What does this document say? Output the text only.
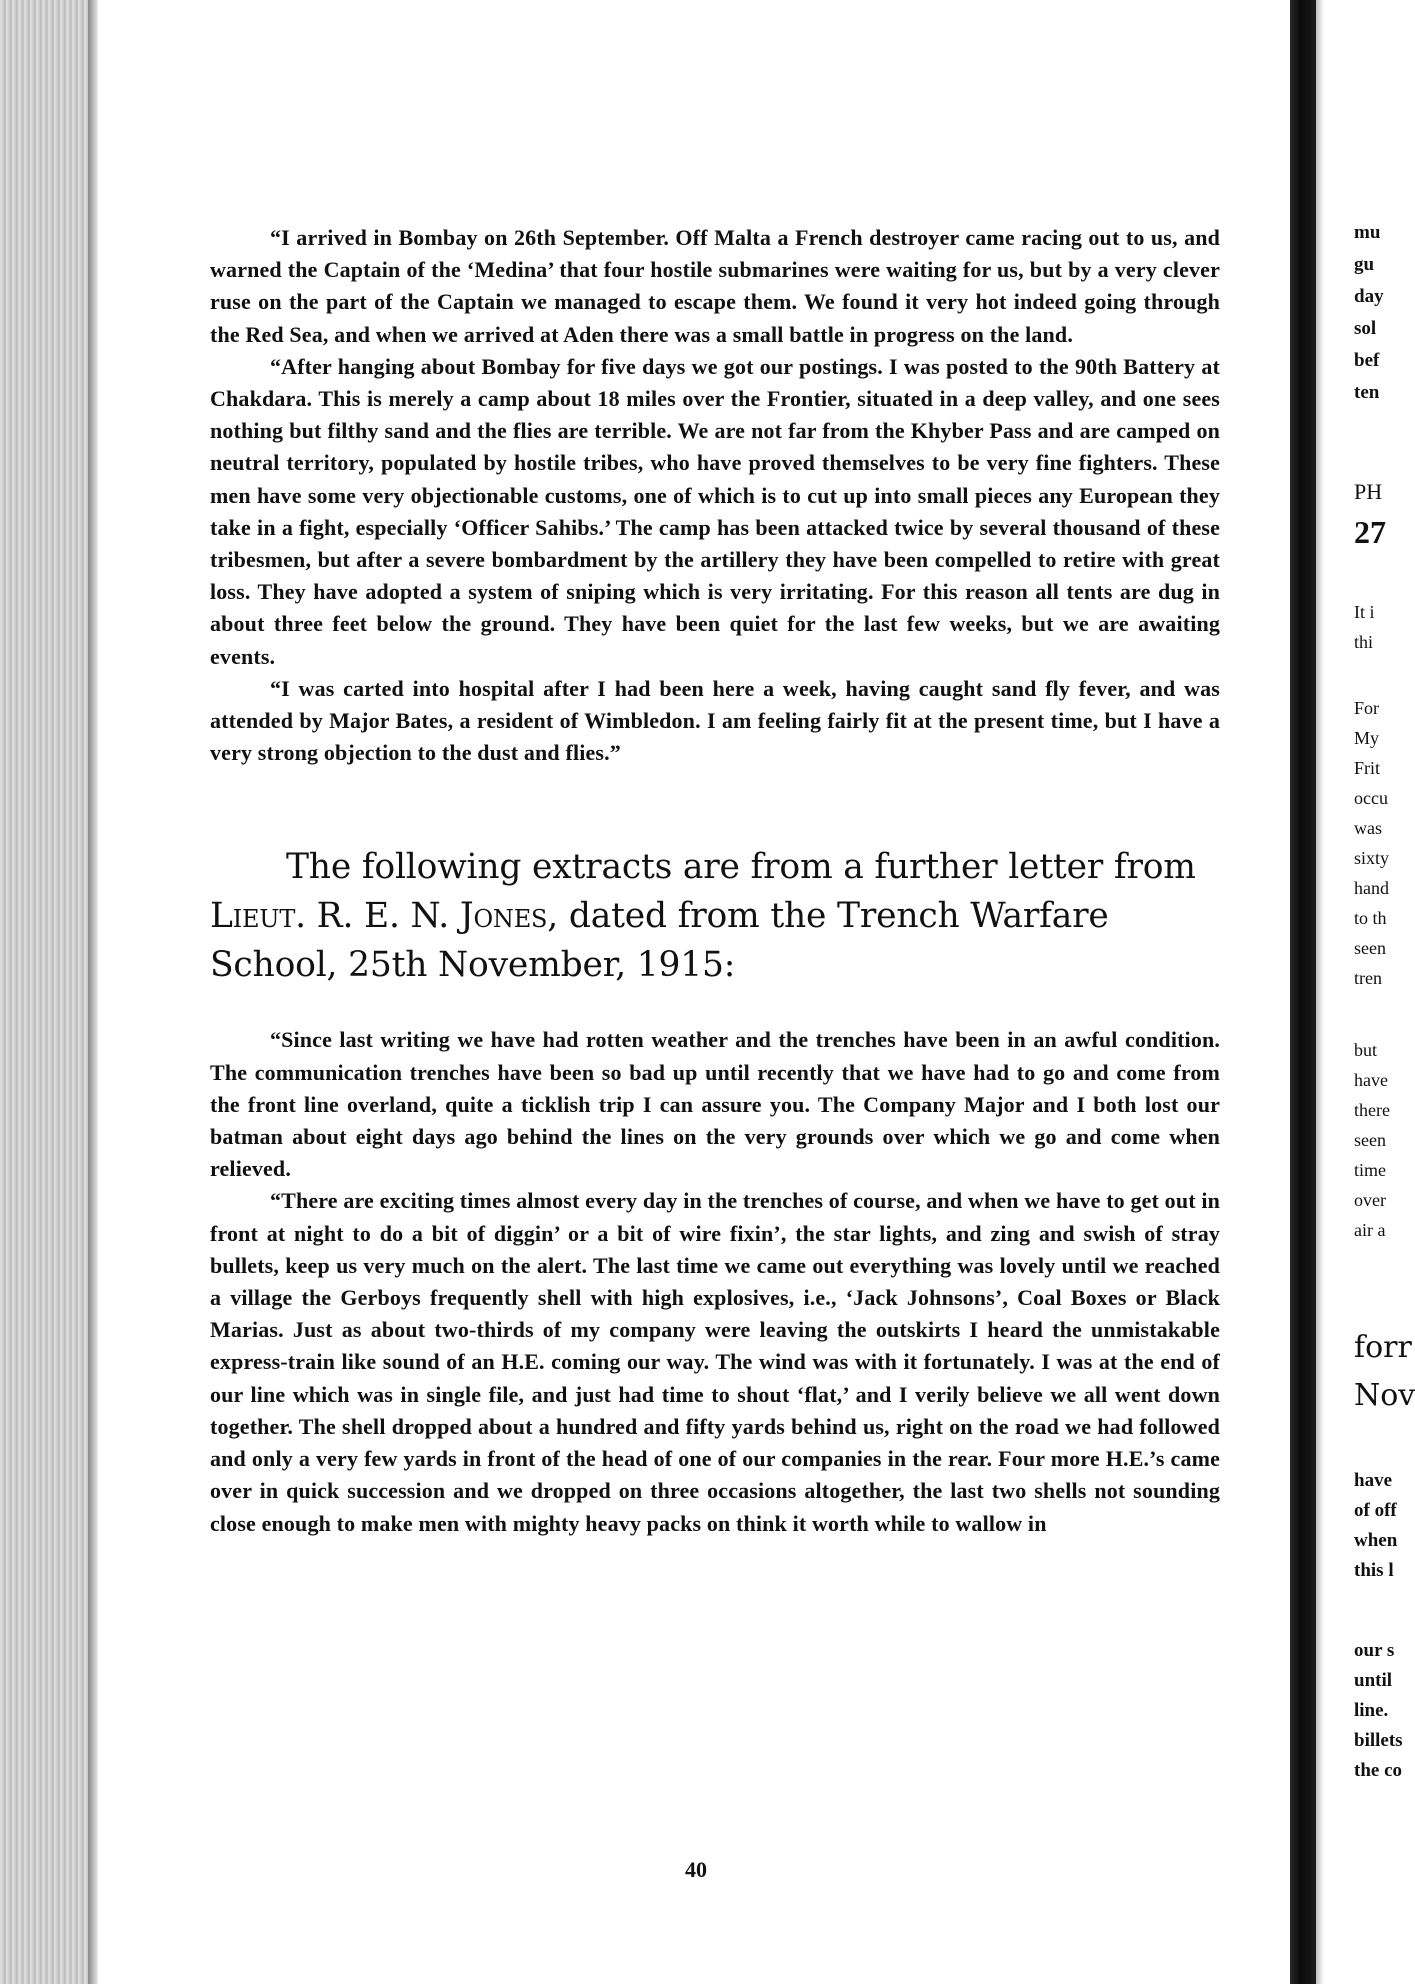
“I arrived in Bombay on 26th September. Off Malta a French destroyer came racing out to us, and warned the Captain of the ‘Medina’ that four hostile submarines were waiting for us, but by a very clever ruse on the part of the Captain we managed to escape them. We found it very hot indeed going through the Red Sea, and when we arrived at Aden there was a small battle in progress on the land.

“After hanging about Bombay for five days we got our postings. I was posted to the 90th Battery at Chakdara. This is merely a camp about 18 miles over the Frontier, situated in a deep valley, and one sees nothing but filthy sand and the flies are terrible. We are not far from the Khyber Pass and are camped on neutral territory, populated by hostile tribes, who have proved themselves to be very fine fighters. These men have some very objectionable customs, one of which is to cut up into small pieces any European they take in a fight, especially ‘Officer Sahibs.’ The camp has been attacked twice by several thousand of these tribesmen, but after a severe bombardment by the artillery they have been compelled to retire with great loss. They have adopted a system of sniping which is very irritating. For this reason all tents are dug in about three feet below the ground. They have been quiet for the last few weeks, but we are awaiting events.

“I was carted into hospital after I had been here a week, having caught sand fly fever, and was attended by Major Bates, a resident of Wimbledon. I am feeling fairly fit at the present time, but I have a very strong objection to the dust and flies.”

The following extracts are from a further letter from Lieut. R. E. N. Jones, dated from the Trench Warfare School, 25th November, 1915:

“Since last writing we have had rotten weather and the trenches have been in an awful condition. The communication trenches have been so bad up until recently that we have had to go and come from the front line overland, quite a ticklish trip I can assure you. The Company Major and I both lost our batman about eight days ago behind the lines on the very grounds over which we go and come when relieved.

“There are exciting times almost every day in the trenches of course, and when we have to get out in front at night to do a bit of diggin’ or a bit of wire fixin’, the star lights, and zing and swish of stray bullets, keep us very much on the alert. The last time we came out everything was lovely until we reached a village the Gerboys frequently shell with high explosives, i.e., ‘Jack Johnsons’, Coal Boxes or Black Marias. Just as about two-thirds of my company were leaving the outskirts I heard the unmistakable express-train like sound of an H.E. coming our way. The wind was with it fortunately. I was at the end of our line which was in single file, and just had time to shout ‘flat,’ and I verily believe we all went down together. The shell dropped about a hundred and fifty yards behind us, right on the road we had followed and only a very few yards in front of the head of one of our companies in the rear. Four more H.E.’s came over in quick succession and we dropped on three occasions altogether, the last two shells not sounding close enough to make men with mighty heavy packs on think it worth while to wallow in

40
mu
gu
day
sol
bef
ten
PH
27
It i
thi
For
My
Frit
occu
was
sixty
hand
to th
seen
tren
but
have
there
seen
time
over
air a
forr
Nov
have
of off
when
this l
our s
until
line.
billets
the co
